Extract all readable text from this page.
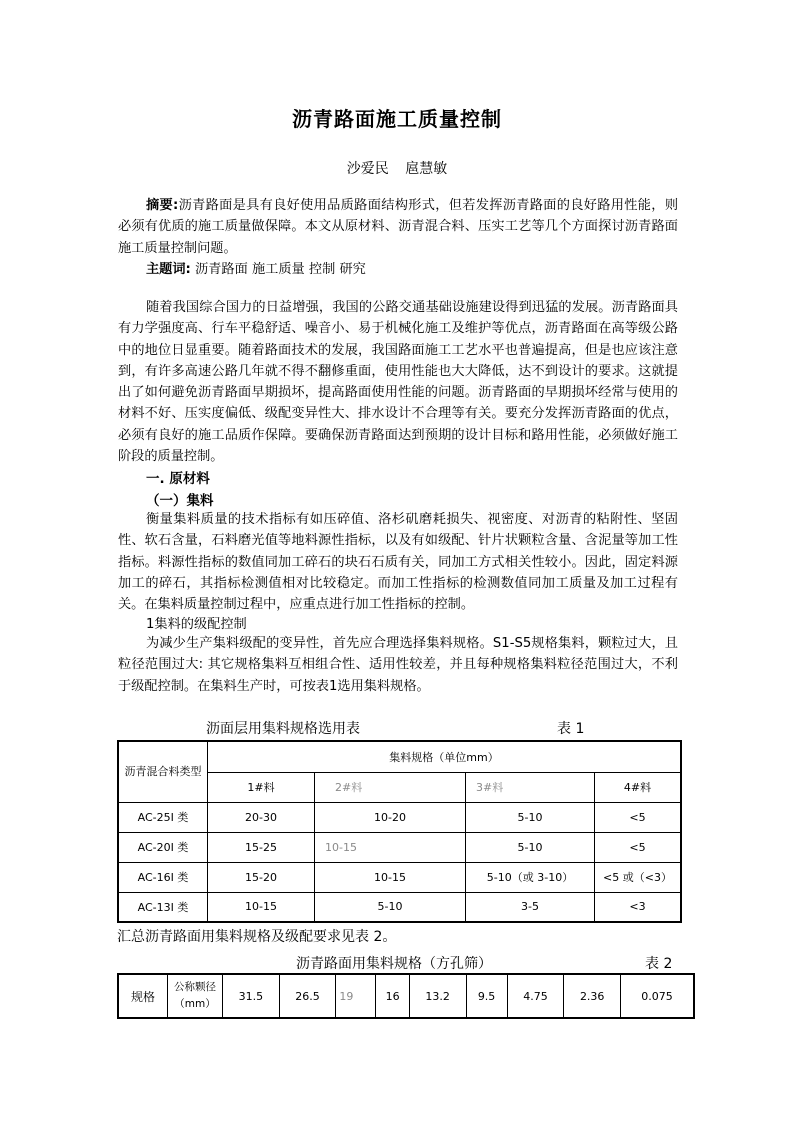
沥青路面施工质量控制
沙爱民 扈慧敏
摘要:沥青路面是具有良好使用品质路面结构形式，但若发挥沥青路面的良好路用性能，则必须有优质的施工质量做保障。本文从原材料、沥青混合料、压实工艺等几个方面探讨沥青路面施工质量控制问题。
主题词: 沥青路面 施工质量 控制 研究
随着我国综合国力的日益增强，我国的公路交通基础设施建设得到迅猛的发展。沥青路面具有力学强度高、行车平稳舒适、噪音小、易于机械化施工及维护等优点，沥青路面在高等级公路中的地位日显重要。随着路面技术的发展，我国路面施工工艺水平也普遍提高，但是也应该注意到，有许多高速公路几年就不得不翻修重面，使用性能也大大降低，达不到设计的要求。这就提出了如何避免沥青路面早期损坏，提高路面使用性能的问题。沥青路面的早期损坏经常与使用的材料不好、压实度偏低、级配变异性大、排水设计不合理等有关。要充分发挥沥青路面的优点，必须有良好的施工品质作保障。要确保沥青路面达到预期的设计目标和路用性能，必须做好施工阶段的质量控制。
一. 原材料
（一）集料
衡量集料质量的技术指标有如压碎值、洛杉矶磨耗损失、视密度、对沥青的粘附性、坚固性、软石含量，石料磨光值等地料源性指标，以及有如级配、针片状颗粒含量、含泥量等加工性指标。料源性指标的数值同加工碎石的块石石质有关，同加工方式相关性较小。因此，固定料源加工的碎石，其指标检测值相对比较稳定。而加工性指标的检测数值同加工质量及加工过程有关。在集料质量控制过程中，应重点进行加工性指标的控制。
1集料的级配控制
为减少生产集料级配的变异性，首先应合理选择集料规格。S1-S5规格集料，颗粒过大，且粒径范围过大: 其它规格集料互相组合性、适用性较差，并且每种规格集料粒径范围过大，不利于级配控制。在集料生产时，可按表1选用集料规格。
沥面层用集料规格选用表	表 1
沥青混合料类型	集料规格（单位mm）			
	1#料	2#料	3#料	4#料
AC-25I 类	20-30	10-20	5-10	<5
AC-20I 类	15-25	10-15	5-10	<5
AC-16I 类	15-20	10-15	5-10（或 3-10）	<5 或（<3）
AC-13I 类	10-15	5-10	3-5	<3
汇总沥青路面用集料规格及级配要求见表 2。
沥青路面用集料规格（方孔筛）	表 2
规格	公称颗径（mm）	31.5	26.5	19	16	13.2	9.5	4.75	2.36	0.075
